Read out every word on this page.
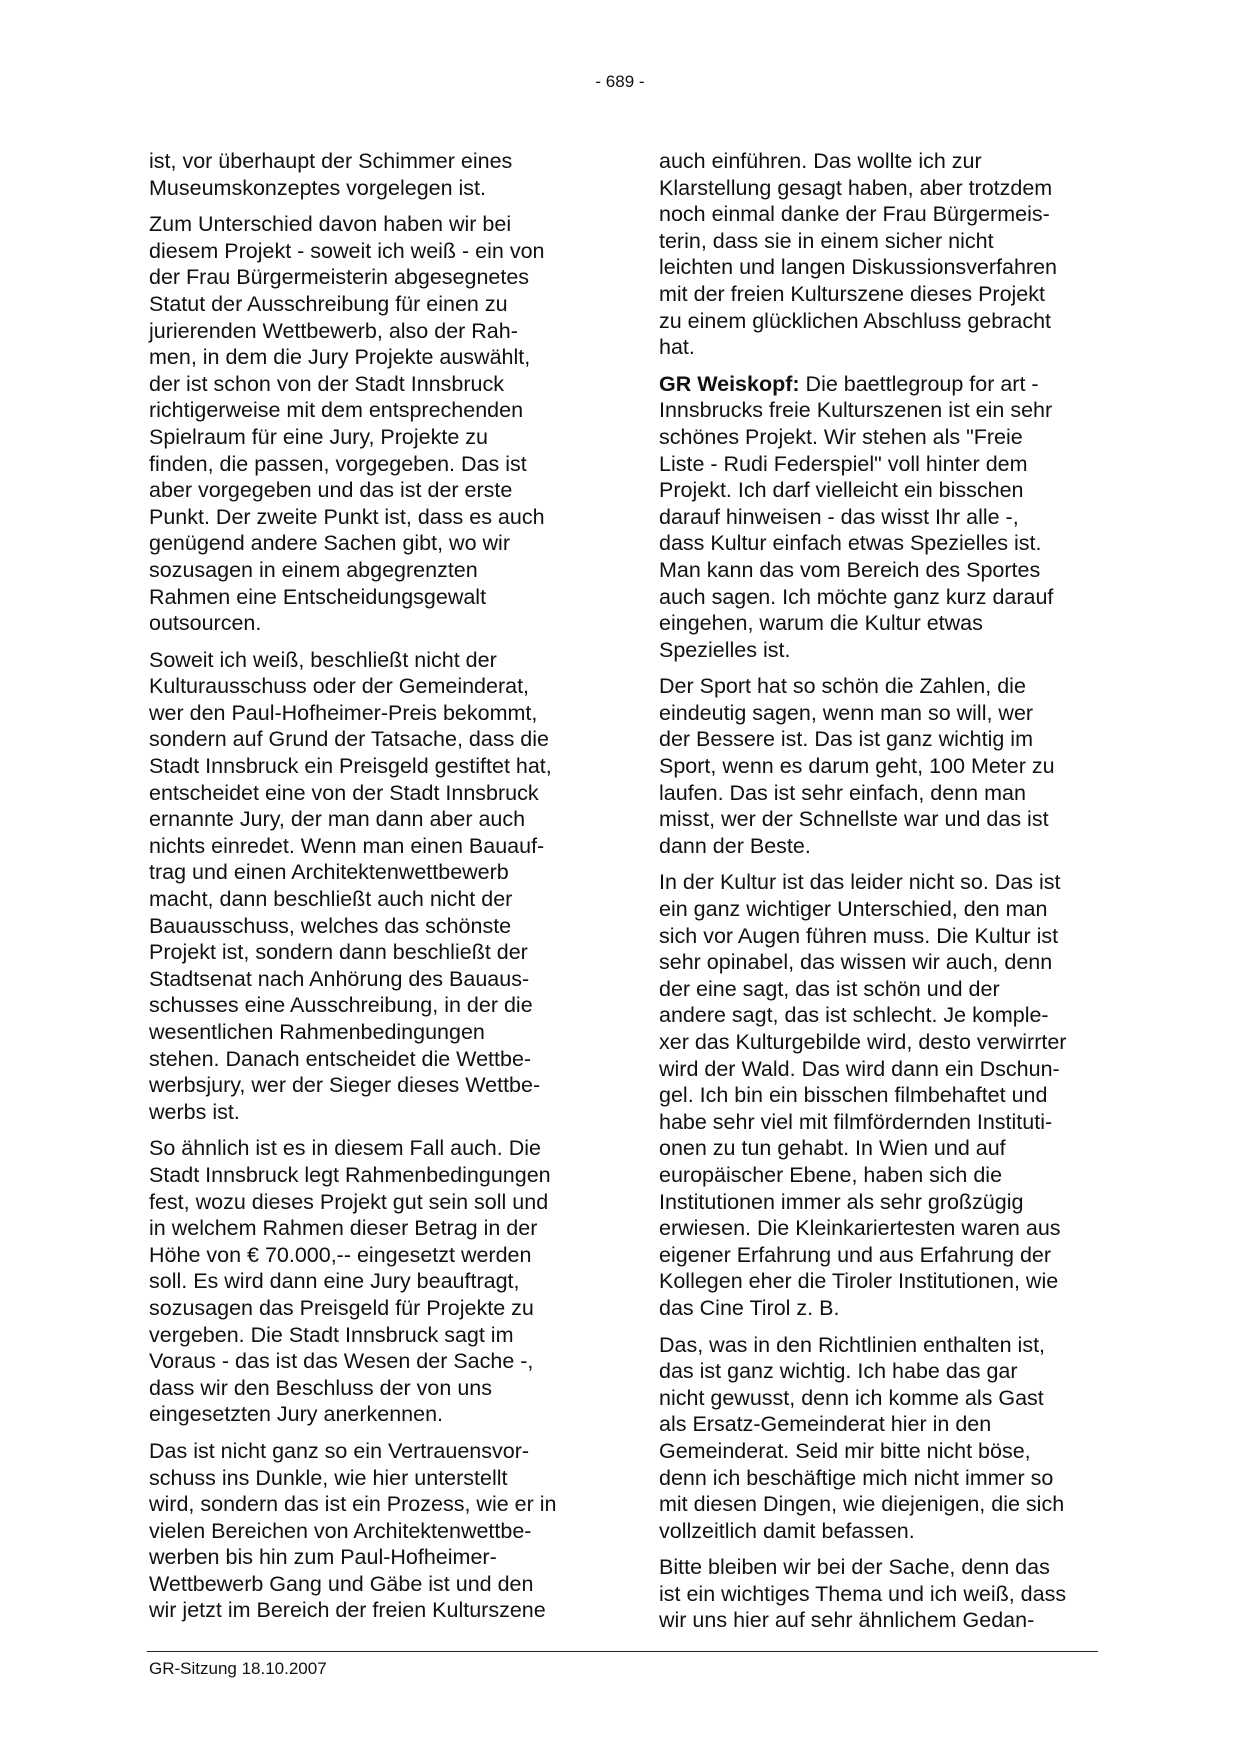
- 689 -

ist, vor überhaupt der Schimmer eines
Museumskonzeptes vorgelegen ist.

Zum Unterschied davon haben wir bei
diesem Projekt - soweit ich weiß - ein von
der Frau Bürgermeisterin abgesegnetes
Statut der Ausschreibung für einen zu
jurierenden Wettbewerb, also der Rah-
men, in dem die Jury Projekte auswählt,
der ist schon von der Stadt Innsbruck
richtigerweise mit dem entsprechenden
Spielraum für eine Jury, Projekte zu
finden, die passen, vorgegeben. Das ist
aber vorgegeben und das ist der erste
Punkt. Der zweite Punkt ist, dass es auch
genügend andere Sachen gibt, wo wir
sozusagen in einem abgegrenzten
Rahmen eine Entscheidungsgewalt
outsourcen.

Soweit ich weiß, beschließt nicht der
Kulturausschuss oder der Gemeinderat,
wer den Paul-Hofheimer-Preis bekommt,
sondern auf Grund der Tatsache, dass die
Stadt Innsbruck ein Preisgeld gestiftet hat,
entscheidet eine von der Stadt Innsbruck
ernannte Jury, der man dann aber auch
nichts einredet. Wenn man einen Bauauf-
trag und einen Architektenwettbewerb
macht, dann beschließt auch nicht der
Bauausschuss, welches das schönste
Projekt ist, sondern dann beschließt der
Stadtsenat nach Anhörung des Bauaus-
schusses eine Ausschreibung, in der die
wesentlichen Rahmenbedingungen
stehen. Danach entscheidet die Wettbe-
werbsjury, wer der Sieger dieses Wettbe-
werbs ist.

So ähnlich ist es in diesem Fall auch. Die
Stadt Innsbruck legt Rahmenbedingungen
fest, wozu dieses Projekt gut sein soll und
in welchem Rahmen dieser Betrag in der
Höhe von € 70.000,-- eingesetzt werden
soll. Es wird dann eine Jury beauftragt,
sozusagen das Preisgeld für Projekte zu
vergeben. Die Stadt Innsbruck sagt im
Voraus - das ist das Wesen der Sache -,
dass wir den Beschluss der von uns
eingesetzten Jury anerkennen.

Das ist nicht ganz so ein Vertrauensvor-
schuss ins Dunkle, wie hier unterstellt
wird, sondern das ist ein Prozess, wie er in
vielen Bereichen von Architektenwettbe-
werben bis hin zum Paul-Hofheimer-
Wettbewerb Gang und Gäbe ist und den
wir jetzt im Bereich der freien Kulturszene

auch einführen. Das wollte ich zur
Klarstellung gesagt haben, aber trotzdem
noch einmal danke der Frau Bürgermeis-
terin, dass sie in einem sicher nicht
leichten und langen Diskussionsverfahren
mit der freien Kulturszene dieses Projekt
zu einem glücklichen Abschluss gebracht
hat.

GR Weiskopf: Die baettlegroup for art -
Innsbrucks freie Kulturszenen ist ein sehr
schönes Projekt. Wir stehen als "Freie
Liste - Rudi Federspiel" voll hinter dem
Projekt. Ich darf vielleicht ein bisschen
darauf hinweisen - das wisst Ihr alle -,
dass Kultur einfach etwas Spezielles ist.
Man kann das vom Bereich des Sportes
auch sagen. Ich möchte ganz kurz darauf
eingehen, warum die Kultur etwas
Spezielles ist.

Der Sport hat so schön die Zahlen, die
eindeutig sagen, wenn man so will, wer
der Bessere ist. Das ist ganz wichtig im
Sport, wenn es darum geht, 100 Meter zu
laufen. Das ist sehr einfach, denn man
misst, wer der Schnellste war und das ist
dann der Beste.

In der Kultur ist das leider nicht so. Das ist
ein ganz wichtiger Unterschied, den man
sich vor Augen führen muss. Die Kultur ist
sehr opinabel, das wissen wir auch, denn
der eine sagt, das ist schön und der
andere sagt, das ist schlecht. Je komple-
xer das Kulturgebilde wird, desto verwirrter
wird der Wald. Das wird dann ein Dschun-
gel. Ich bin ein bisschen filmbehaftet und
habe sehr viel mit filmfördernden Instituti-
onen zu tun gehabt. In Wien und auf
europäischer Ebene, haben sich die
Institutionen immer als sehr großzügig
erwiesen. Die Kleinkariertesten waren aus
eigener Erfahrung und aus Erfahrung der
Kollegen eher die Tiroler Institutionen, wie
das Cine Tirol z. B.

Das, was in den Richtlinien enthalten ist,
das ist ganz wichtig. Ich habe das gar
nicht gewusst, denn ich komme als Gast
als Ersatz-Gemeinderat hier in den
Gemeinderat. Seid mir bitte nicht böse,
denn ich beschäftige mich nicht immer so
mit diesen Dingen, wie diejenigen, die sich
vollzeitlich damit befassen.

Bitte bleiben wir bei der Sache, denn das
ist ein wichtiges Thema und ich weiß, dass
wir uns hier auf sehr ähnlichem Gedan-

GR-Sitzung 18.10.2007
